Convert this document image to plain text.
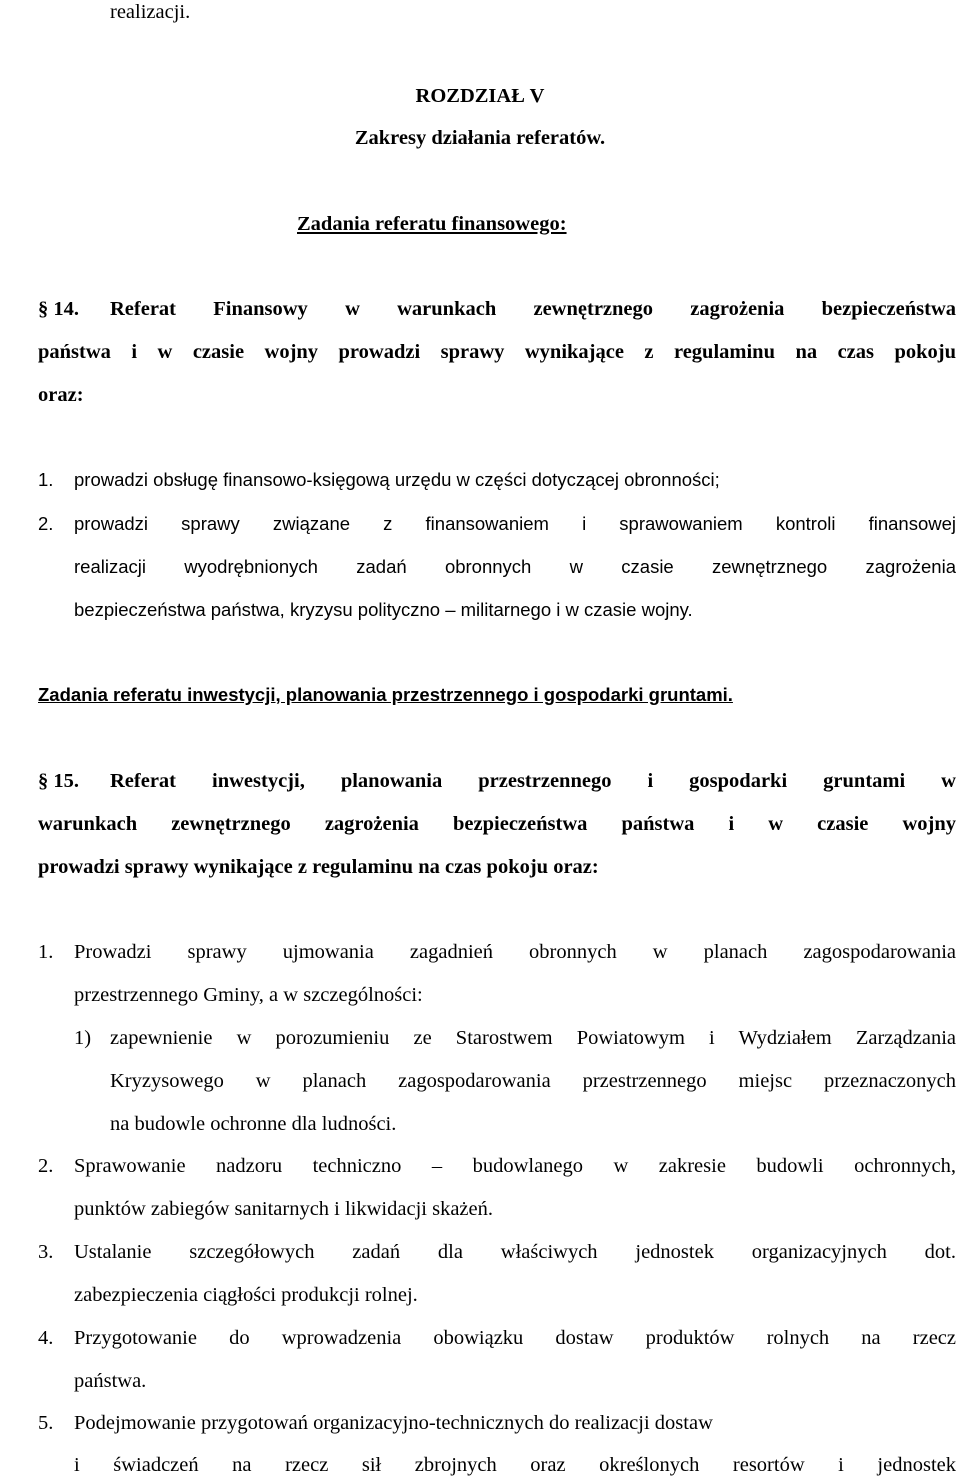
realizacji.
ROZDZIAŁ V
Zakresy działania referatów.
Zadania referatu finansowego:
§ 14. Referat Finansowy w warunkach zewnętrznego zagrożenia bezpieczeństwa
państwa i w czasie wojny prowadzi sprawy wynikające z regulaminu na czas pokoju
oraz:
1. prowadzi obsługę finansowo-księgową urzędu w części dotyczącej obronności;
2. prowadzi sprawy związane z finansowaniem i sprawowaniem kontroli finansowej
realizacji wyodrębnionych zadań obronnych w czasie zewnętrznego zagrożenia
bezpieczeństwa państwa, kryzysu polityczno – militarnego i w czasie wojny.
Zadania referatu inwestycji, planowania przestrzennego i gospodarki gruntami.
§ 15. Referat inwestycji, planowania przestrzennego i gospodarki gruntami w
warunkach zewnętrznego zagrożenia bezpieczeństwa państwa i w czasie wojny
prowadzi sprawy wynikające z regulaminu na czas pokoju oraz:
1. Prowadzi sprawy ujmowania zagadnień obronnych w planach zagospodarowania
przestrzennego Gminy, a w szczególności:
1) zapewnienie w porozumieniu ze Starostwem Powiatowym i Wydziałem Zarządzania
Kryzysowego w planach zagospodarowania przestrzennego miejsc przeznaczonych
na budowle ochronne dla ludności.
2. Sprawowanie nadzoru techniczno – budowlanego w zakresie budowli ochronnych,
punktów zabiegów sanitarnych i likwidacji skażeń.
3. Ustalanie szczegółowych zadań dla właściwych jednostek organizacyjnych dot.
zabezpieczenia ciągłości produkcji rolnej.
4. Przygotowanie do wprowadzenia obowiązku dostaw produktów rolnych na rzecz
państwa.
5. Podejmowanie przygotowań organizacyjno-technicznych do realizacji dostaw
i świadczeń na rzecz sił zbrojnych oraz określonych resortów i jednostek
